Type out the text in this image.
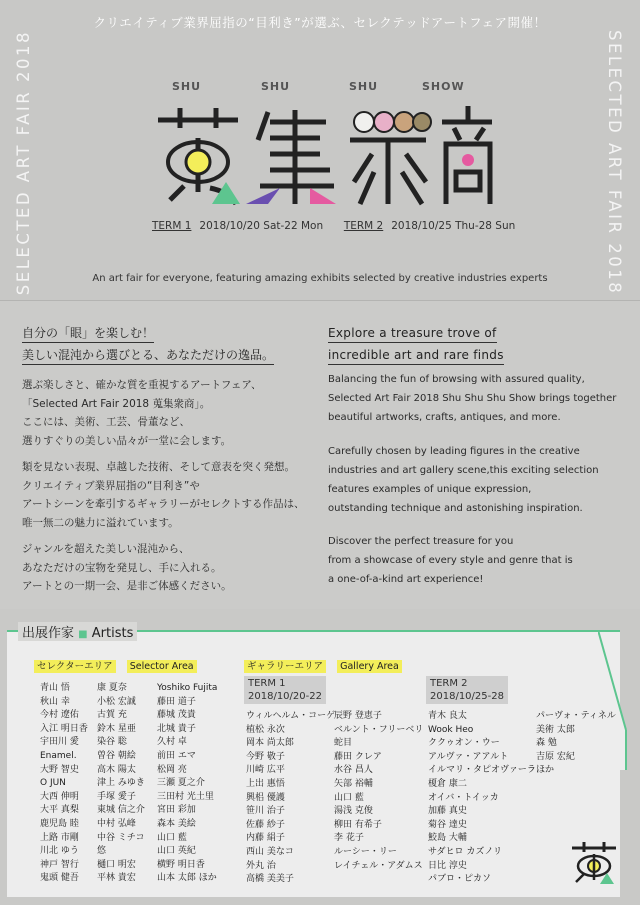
クリエイティブ業界屈指の“目利き”が選ぶ、セレクテッドアートフェア開催！
SELECTED ART FAIR 2018	SELECTED ART FAIR 2018
SHU	SHU	SHU	SHOW
TERM 1 2018/10/20 Sat-22 Mon TERM 2 2018/10/25 Thu-28 Sun
An art fair for everyone, featuring amazing exhibits selected by creative industries experts
自分の「眼」を楽しむ！
美しい混沌から選びとる、あなただけの逸品。
選ぶ楽しさと、確かな質を重視するアートフェア、
「Selected Art Fair 2018 蒐集衆商」。
ここには、美術、工芸、骨董など、
選りすぐりの美しい品々が一堂に会します。
類を見ない表現、卓越した技術、そして意表を突く発想。
クリエイティブ業界屈指の“目利き”や
アートシーンを牽引するギャラリーがセレクトする作品は、
唯一無二の魅力に溢れています。
ジャンルを超えた美しい混沌から、
あなただけの宝物を発見し、手に入れる。
アートとの一期一会、是非ご体感ください。
Explore a treasure trove of
incredible art and rare finds
Balancing the fun of browsing with assured quality,
Selected Art Fair 2018 Shu Shu Shu Show brings together
beautiful artworks, crafts, antiques, and more.
Carefully chosen by leading figures in the creative
industries and art gallery scene,this exciting selection
features examples of unique expression,
outstanding technique and astonishing inspiration.
Discover the perfect treasure for you
from a showcase of every style and genre that is
a one-of-a-kind art experience!
出展作家 ■ Artists
セレクターエリア Selector Area	ギャラリーエリア Gallery Area
TERM 1
2018/10/20-22
TERM 2
2018/10/25-28
青山 悟
秋山 幸
今村 遼佑
入江 明日香
宇田川 愛
Enamel.
大野 智史
O JUN
大西 伸明
大平 真梨
鹿児島 睦
上路 市剛
川北 ゆう
神戸 智行
鬼頭 健吾
康 夏奈
小松 宏誠
古賀 充
鈴木 星亜
染谷 聡
曽谷 朝絵
高木 陽太
津上 みゆき
手塚 愛子
東城 信之介
中村 弘峰
中谷 ミチコ
悠
樋口 明宏
平林 貴宏
Yoshiko Fujita
藤田 道子
藤城 茂貴
北城 貴子
久村 卓
前田 エマ
松岡 亮
三瀬 夏之介
三田村 光土里
宮田 彩加
森本 美絵
山口 藍
山口 英紀
横野 明日香
山本 太郎 ほか
ウィルヘルム・コーゲ
植松 永次
岡本 尚太郎
今野 敬子
川崎 広平
上出 惠悟
興梠 優護
笹川 治子
佐藤 紗子
内藤 絹子
西山 美なコ
外丸 治
高橋 美美子
辰野 登恵子
ベルント・フリーベリ
蛇目
藤田 クレア
水谷 昌人
矢部 裕輔
山口 藍
湯浅 克俊
柳田 有希子
李 花子
ルーシー・リー
レイチェル・アダムス
青木 良太
Wook Heo
ククゥオン・ウー
アルヴァ・アアルト
イルマリ・タピオヴァーラ
榎倉 康二
オイバ・トイッカ
加藤 真史
菊谷 達史
鮫島 大輔
サダヒロ カズノリ
日比 淳史
パブロ・ピカソ
パーヴォ・ティネル
美術 太郎
森 勉
吉原 宏紀
ほか
